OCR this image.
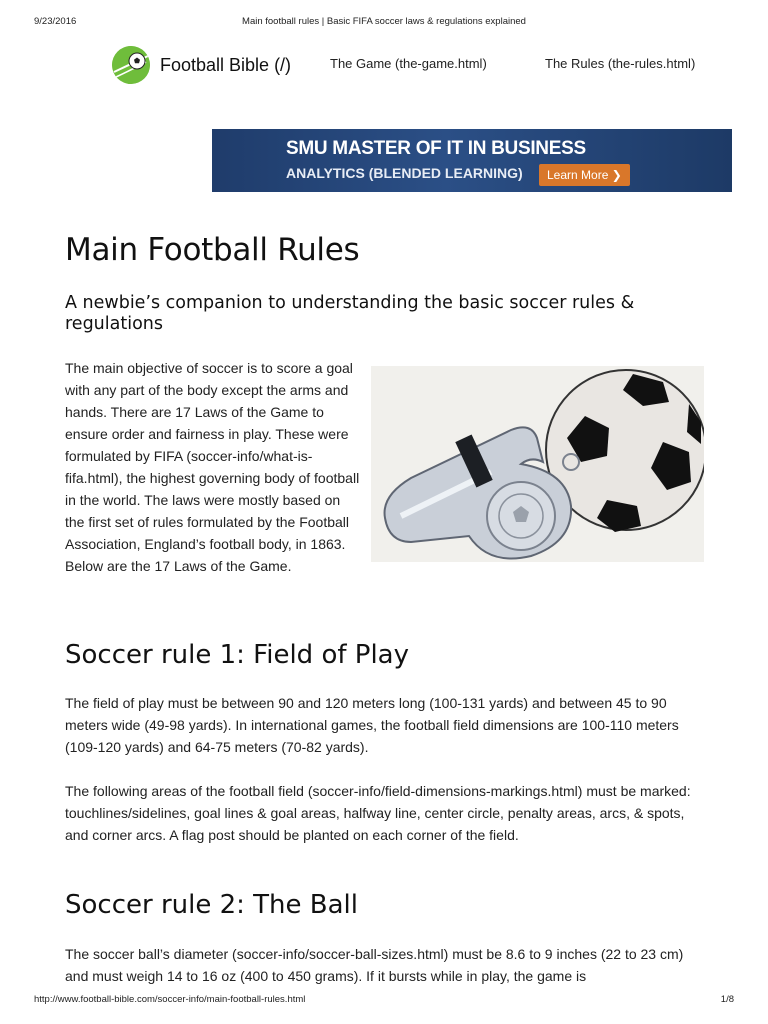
9/23/2016	Main football rules | Basic FIFA soccer laws & regulations explained
Football Bible (/)	The Game (the-game.html)	The Rules (the-rules.html)
SMU MASTER OF IT IN BUSINESS
ANALYTICS (BLENDED LEARNING)	Learn More ❯
Main Football Rules
A newbie’s companion to understanding the basic soccer rules & regulations

The main objective of soccer is to score a goal with any part of the body except the arms and hands. There are 17 Laws of the Game to ensure order and fairness in play. These were formulated by FIFA (soccer-info/what-is-fifa.html), the highest governing body of football in the world. The laws were mostly based on the first set of rules formulated by the Football Association, England’s football body, in 1863. Below are the 17 Laws of the Game.

Soccer rule 1: Field of Play

The field of play must be between 90 and 120 meters long (100-131 yards) and between 45 to 90 meters wide (49-98 yards). In international games, the football field dimensions are 100-110 meters (109-120 yards) and 64-75 meters (70-82 yards).

The following areas of the football field (soccer-info/field-dimensions-markings.html) must be marked: touchlines/sidelines, goal lines & goal areas, halfway line, center circle, penalty areas, arcs, & spots, and corner arcs. A flag post should be planted on each corner of the field.

Soccer rule 2: The Ball

The soccer ball’s diameter (soccer-info/soccer-ball-sizes.html) must be 8.6 to 9 inches (22 to 23 cm) and must weigh 14 to 16 oz (400 to 450 grams). If it bursts while in play, the game is

http://www.football-bible.com/soccer-info/main-football-rules.html	1/8
